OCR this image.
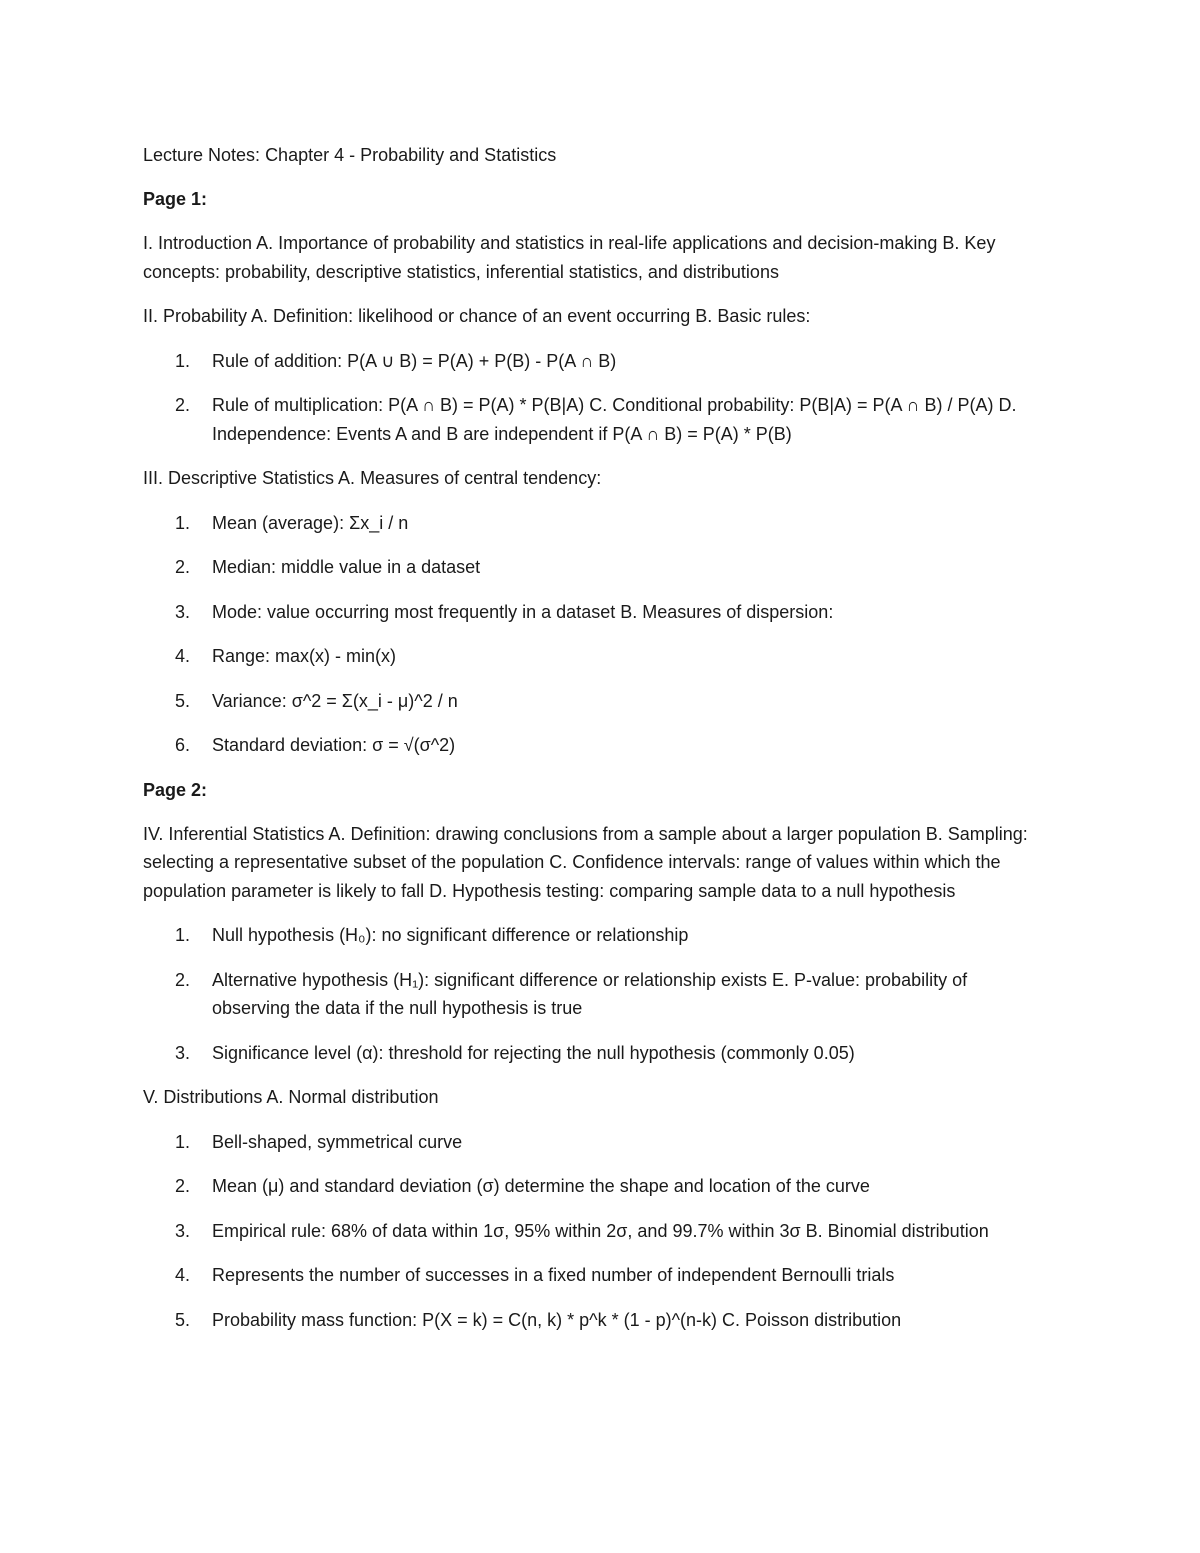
Lecture Notes: Chapter 4 - Probability and Statistics

Page 1:

I. Introduction A. Importance of probability and statistics in real-life applications and decision-making B. Key concepts: probability, descriptive statistics, inferential statistics, and distributions

II. Probability A. Definition: likelihood or chance of an event occurring B. Basic rules:

1. Rule of addition: P(A ∪ B) = P(A) + P(B) - P(A ∩ B)
2. Rule of multiplication: P(A ∩ B) = P(A) * P(B|A) C. Conditional probability: P(B|A) = P(A ∩ B) / P(A) D. Independence: Events A and B are independent if P(A ∩ B) = P(A) * P(B)

III. Descriptive Statistics A. Measures of central tendency:

1. Mean (average): Σx_i / n
2. Median: middle value in a dataset
3. Mode: value occurring most frequently in a dataset B. Measures of dispersion:
4. Range: max(x) - min(x)
5. Variance: σ^2 = Σ(x_i - μ)^2 / n
6. Standard deviation: σ = √(σ^2)

Page 2:

IV. Inferential Statistics A. Definition: drawing conclusions from a sample about a larger population B. Sampling: selecting a representative subset of the population C. Confidence intervals: range of values within which the population parameter is likely to fall D. Hypothesis testing: comparing sample data to a null hypothesis

1. Null hypothesis (H₀): no significant difference or relationship
2. Alternative hypothesis (H₁): significant difference or relationship exists E. P-value: probability of observing the data if the null hypothesis is true
3. Significance level (α): threshold for rejecting the null hypothesis (commonly 0.05)

V. Distributions A. Normal distribution

1. Bell-shaped, symmetrical curve
2. Mean (μ) and standard deviation (σ) determine the shape and location of the curve
3. Empirical rule: 68% of data within 1σ, 95% within 2σ, and 99.7% within 3σ B. Binomial distribution
4. Represents the number of successes in a fixed number of independent Bernoulli trials
5. Probability mass function: P(X = k) = C(n, k) * p^k * (1 - p)^(n-k) C. Poisson distribution
